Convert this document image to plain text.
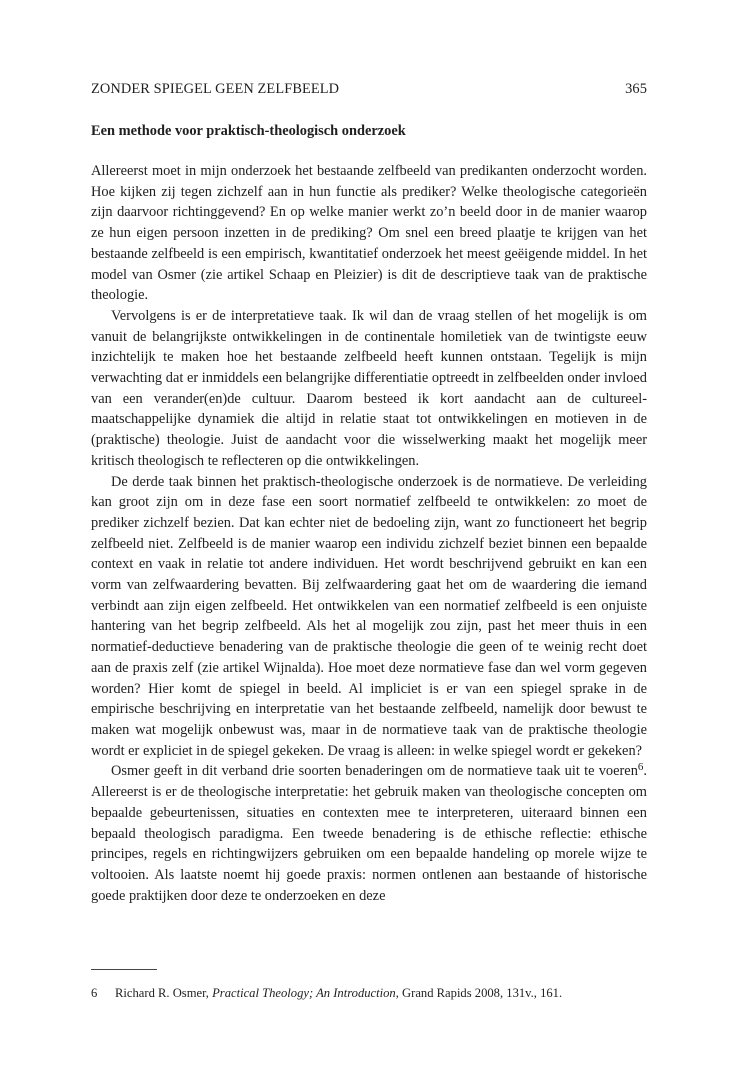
ZONDER SPIEGEL GEEN ZELFBEELD	365
Een methode voor praktisch-theologisch onderzoek

Allereerst moet in mijn onderzoek het bestaande zelfbeeld van predikanten onderzocht worden. Hoe kijken zij tegen zichzelf aan in hun functie als prediker? Welke theologische categorieën zijn daarvoor richtinggevend? En op welke manier werkt zo’n beeld door in de manier waarop ze hun eigen persoon inzetten in de prediking? Om snel een breed plaatje te krijgen van het bestaande zelfbeeld is een empirisch, kwantitatief onderzoek het meest geëigende middel. In het model van Osmer (zie artikel Schaap en Pleizier) is dit de descriptieve taak van de praktische theologie.

Vervolgens is er de interpretatieve taak. Ik wil dan de vraag stellen of het mogelijk is om vanuit de belangrijkste ontwikkelingen in de continentale homiletiek van de twintigste eeuw inzichtelijk te maken hoe het bestaande zelfbeeld heeft kunnen ontstaan. Tegelijk is mijn verwachting dat er inmiddels een belangrijke differentiatie optreedt in zelfbeelden onder invloed van een verander(en)de cultuur. Daarom besteed ik kort aandacht aan de cultureel-maatschappelijke dynamiek die altijd in relatie staat tot ontwikkelingen en motieven in de (praktische) theologie. Juist de aandacht voor die wisselwerking maakt het mogelijk meer kritisch theologisch te reflecteren op die ontwikkelingen.

De derde taak binnen het praktisch-theologische onderzoek is de normatieve. De verleiding kan groot zijn om in deze fase een soort normatief zelfbeeld te ontwikkelen: zo moet de prediker zichzelf bezien. Dat kan echter niet de bedoeling zijn, want zo functioneert het begrip zelfbeeld niet. Zelfbeeld is de manier waarop een individu zichzelf beziet binnen een bepaalde context en vaak in relatie tot andere individuen. Het wordt beschrijvend gebruikt en kan een vorm van zelfwaardering bevatten. Bij zelfwaardering gaat het om de waardering die iemand verbindt aan zijn eigen zelfbeeld. Het ontwikkelen van een normatief zelfbeeld is een onjuiste hantering van het begrip zelfbeeld. Als het al mogelijk zou zijn, past het meer thuis in een normatief-deductieve benadering van de praktische theologie die geen of te weinig recht doet aan de praxis zelf (zie artikel Wijnalda). Hoe moet deze normatieve fase dan wel vorm gegeven worden? Hier komt de spiegel in beeld. Al impliciet is er van een spiegel sprake in de empirische beschrijving en interpretatie van het bestaande zelfbeeld, namelijk door bewust te maken wat mogelijk onbewust was, maar in de normatieve taak van de praktische theologie wordt er expliciet in de spiegel gekeken. De vraag is alleen: in welke spiegel wordt er gekeken?

Osmer geeft in dit verband drie soorten benaderingen om de normatieve taak uit te voeren$^6$. Allereerst is er de theologische interpretatie: het gebruik maken van theologische concepten om bepaalde gebeurtenissen, situaties en contexten mee te interpreteren, uiteraard binnen een bepaald theologisch paradigma. Een tweede benadering is de ethische reflectie: ethische principes, regels en richtingwijzers gebruiken om een bepaalde handeling op morele wijze te voltooien. Als laatste noemt hij goede praxis: normen ontlenen aan bestaande of historische goede praktijken door deze te onderzoeken en deze

6 Richard R. Osmer, Practical Theology; An Introduction, Grand Rapids 2008, 131v., 161.
